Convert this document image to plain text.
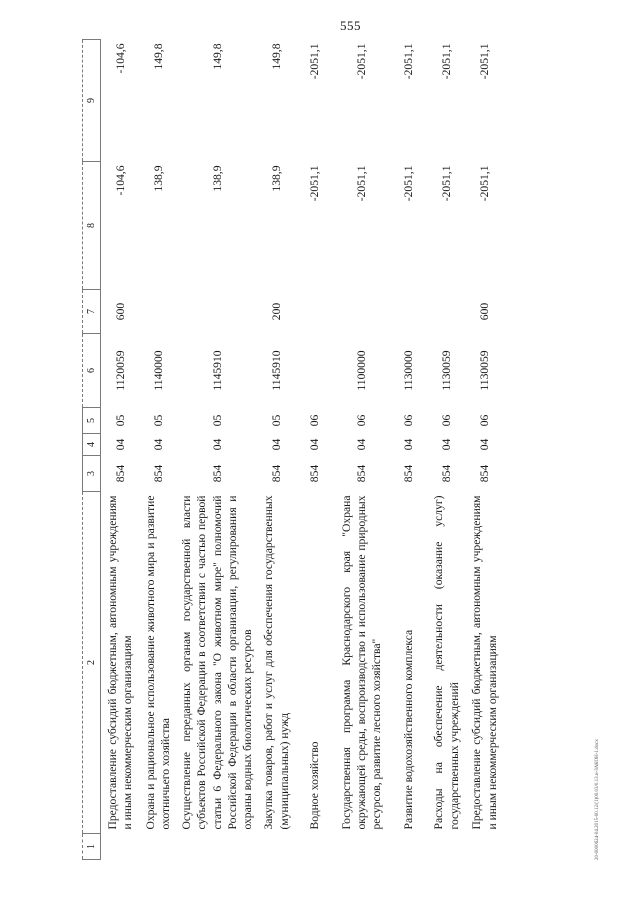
555
20-0000624-04.2015-00.12/(1)00.03/0.13.н-ЗАКОН-1.docx
1	2	3	4	5	6	7	8	9
	Предоставление субсидий бюджетным, автономным учреждениям и иным некоммерческим организациям	854	04	05	1120059	600	-104,6	-104,6
	Охрана и рациональное использование животного мира и развитие охотничьего хозяйства	854	04	05	1140000		138,9	149,8
	Осуществление переданных органам государственной власти субъектов Российской Федерации в соответствии с частью первой статьи 6 Федерального закона "О животном мире" полномочий Российской Федерации в области организации, регулирования и охраны водных биологических ресурсов	854	04	05	1145910		138,9	149,8
	Закупка товаров, работ и услуг для обеспечения государственных (муниципальных) нужд	854	04	05	1145910	200	138,9	149,8
	Водное хозяйство	854	04	06			-2051,1	-2051,1
	Государственная программа Краснодарского края "Охрана окружающей среды, воспроизводство и использование природных ресурсов, развитие лесного хозяйства"	854	04	06	1100000		-2051,1	-2051,1
	Развитие водохозяйственного комплекса	854	04	06	1130000		-2051,1	-2051,1
	Расходы на обеспечение деятельности (оказание услуг) государственных учреждений	854	04	06	1130059		-2051,1	-2051,1
	Предоставление субсидий бюджетным, автономным учреждениям и иным некоммерческим организациям	854	04	06	1130059	600	-2051,1	-2051,1
